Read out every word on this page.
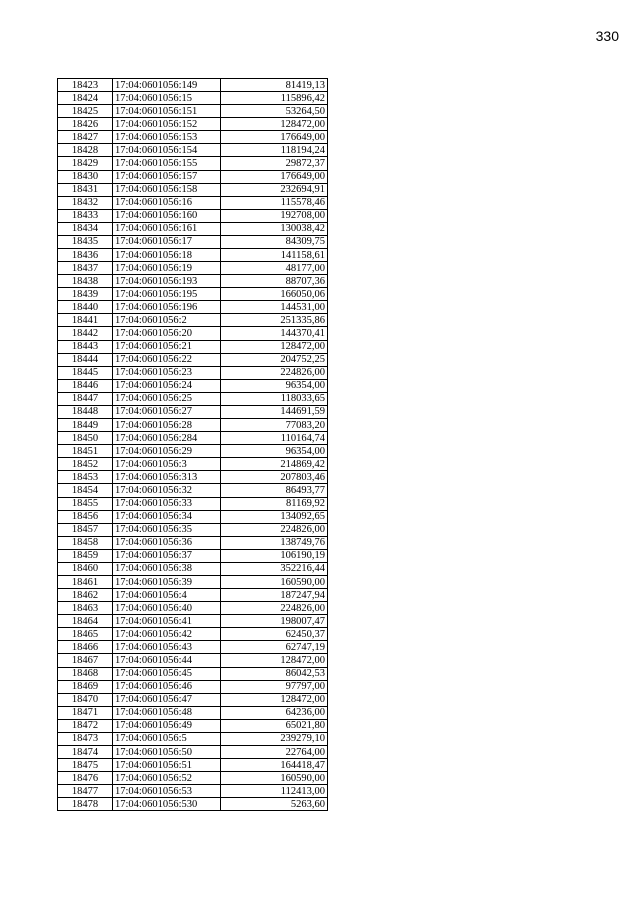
330
18423	17:04:0601056:149	81419,13
18424	17:04:0601056:15	115896,42
18425	17:04:0601056:151	53264,50
18426	17:04:0601056:152	128472,00
18427	17:04:0601056:153	176649,00
18428	17:04:0601056:154	118194,24
18429	17:04:0601056:155	29872,37
18430	17:04:0601056:157	176649,00
18431	17:04:0601056:158	232694,91
18432	17:04:0601056:16	115578,46
18433	17:04:0601056:160	192708,00
18434	17:04:0601056:161	130038,42
18435	17:04:0601056:17	84309,75
18436	17:04:0601056:18	141158,61
18437	17:04:0601056:19	48177,00
18438	17:04:0601056:193	88707,36
18439	17:04:0601056:195	166050,06
18440	17:04:0601056:196	144531,00
18441	17:04:0601056:2	251335,86
18442	17:04:0601056:20	144370,41
18443	17:04:0601056:21	128472,00
18444	17:04:0601056:22	204752,25
18445	17:04:0601056:23	224826,00
18446	17:04:0601056:24	96354,00
18447	17:04:0601056:25	118033,65
18448	17:04:0601056:27	144691,59
18449	17:04:0601056:28	77083,20
18450	17:04:0601056:284	110164,74
18451	17:04:0601056:29	96354,00
18452	17:04:0601056:3	214869,42
18453	17:04:0601056:313	207803,46
18454	17:04:0601056:32	86493,77
18455	17:04:0601056:33	81169,92
18456	17:04:0601056:34	134092,65
18457	17:04:0601056:35	224826,00
18458	17:04:0601056:36	138749,76
18459	17:04:0601056:37	106190,19
18460	17:04:0601056:38	352216,44
18461	17:04:0601056:39	160590,00
18462	17:04:0601056:4	187247,94
18463	17:04:0601056:40	224826,00
18464	17:04:0601056:41	198007,47
18465	17:04:0601056:42	62450,37
18466	17:04:0601056:43	62747,19
18467	17:04:0601056:44	128472,00
18468	17:04:0601056:45	86042,53
18469	17:04:0601056:46	97797,00
18470	17:04:0601056:47	128472,00
18471	17:04:0601056:48	64236,00
18472	17:04:0601056:49	65021,80
18473	17:04:0601056:5	239279,10
18474	17:04:0601056:50	22764,00
18475	17:04:0601056:51	164418,47
18476	17:04:0601056:52	160590,00
18477	17:04:0601056:53	112413,00
18478	17:04:0601056:530	5263,60
